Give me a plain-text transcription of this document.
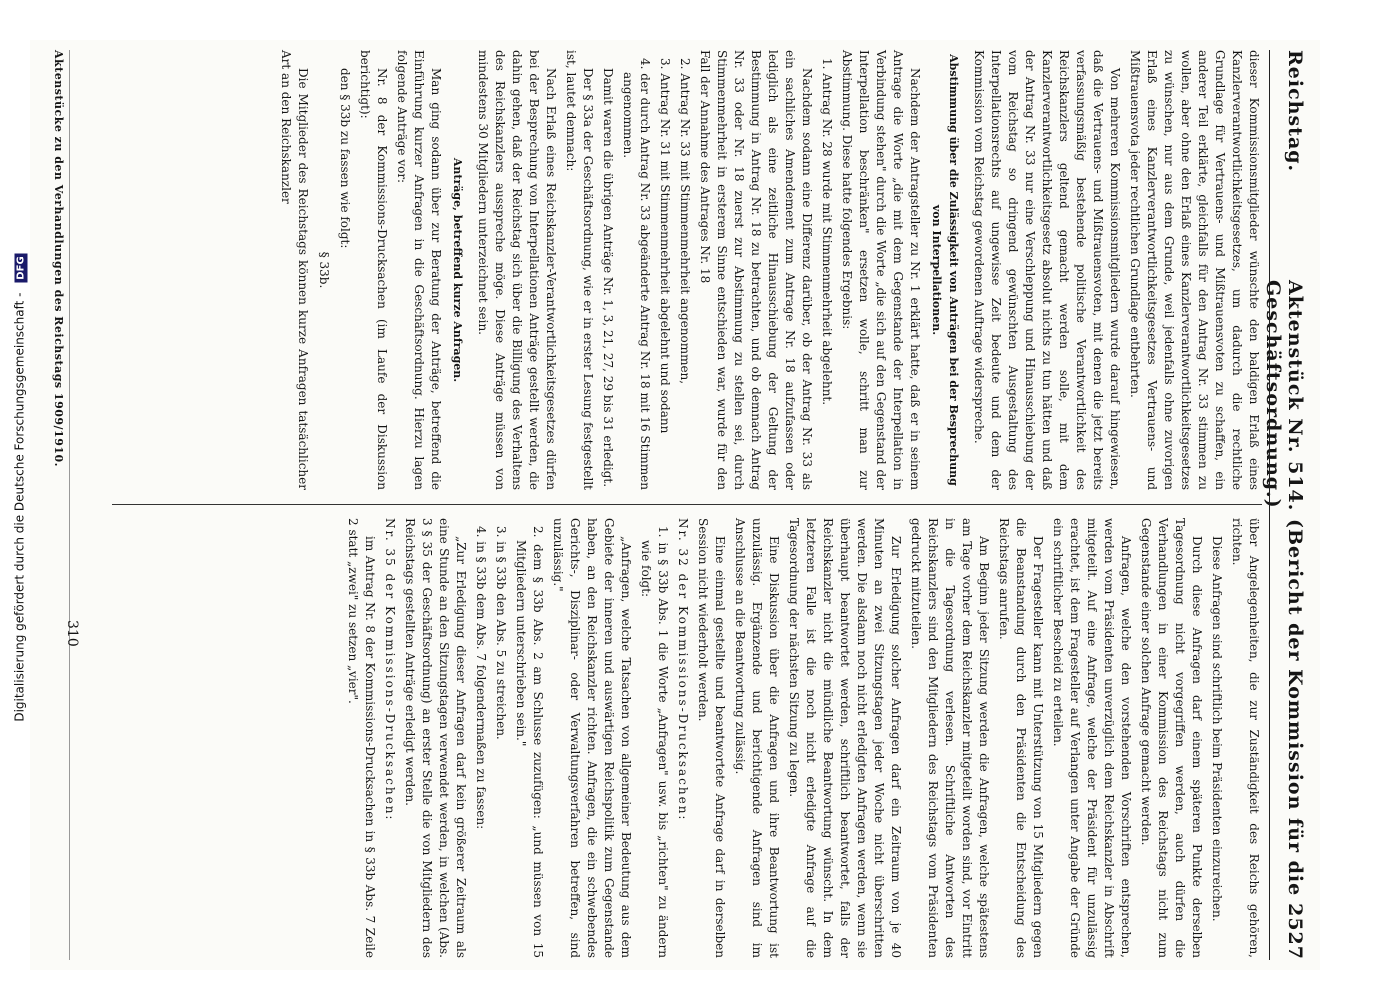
Reichstag.
Aktenstück Nr. 514. (Bericht der Kommission für die Geschäftsordnung.)
2527

dieser Kommissionsmitglieder wünschte den baldigen Erlaß eines Kanzlerverantwortlichkeitsgesetzes, um dadurch die rechtliche Grundlage für Vertrauens- und Mißtrauensvoten zu schaffen, ein anderer Teil erklärte, gleichfalls für den Antrag Nr. 33 stimmen zu wollen, aber ohne den Erlaß eines Kanzlerverantwortlichkeitsgesetzes zu wünschen, nur aus dem Grunde, weil jedenfalls ohne zuvorigen Erlaß eines Kanzlerverantwortlichkeitsgesetzes Vertrauens- und Mißtrauensvota jeder rechtlichen Grundlage entbehrten.

Von mehreren Kommissionsmitgliedern wurde darauf hingewiesen, daß die Vertrauens- und Mißtrauensvoten, mit denen die jetzt bereits verfassungsmäßig bestehende politische Verantwortlichkeit des Reichskanzlers geltend gemacht werden solle, mit dem Kanzlerverantwortlichkeitsgesetz absolut nichts zu tun hätten und daß der Antrag Nr. 33 nur eine Verschleppung und Hinausschiebung der vom Reichstag so dringend gewünschten Ausgestaltung des Interpellationsrechts auf ungewisse Zeit bedeute und dem der Kommission vom Reichstag gewordenen Auftrage widerspreche.

Abstimmung über die Zulässigkeit von Anträgen bei der Besprechung von Interpellationen.

Nachdem der Antragsteller zu Nr. 1 erklärt hatte, daß er in seinem Antrage die Worte „die mit dem Gegenstande der Interpellation in Verbindung stehen" durch die Worte „die sich auf den Gegenstand der Interpellation beschränken" ersetzen wolle, schritt man zur Abstimmung. Diese hatte folgendes Ergebnis:

1. Antrag Nr. 28 wurde mit Stimmenmehrheit abgelehnt.

Nachdem sodann eine Differenz darüber, ob der Antrag Nr. 33 als ein sachliches Amendement zum Antrage Nr. 18 aufzufassen oder lediglich als eine zeitliche Hinausschiebung der Geltung der Bestimmung in Antrag Nr. 18 zu betrachten, und ob demnach Antrag Nr. 33 oder Nr. 18 zuerst zur Abstimmung zu stellen sei, durch Stimmenmehrheit in ersterem Sinne entschieden war, wurde für den Fall der Annahme des Antrages Nr. 18

2. Antrag Nr. 33 mit Stimmenmehrheit angenommen,
3. Antrag Nr. 31 mit Stimmenmehrheit abgelehnt und sodann
4. der durch Antrag Nr. 33 abgeänderte Antrag Nr. 18 mit 16 Stimmen angenommen.

Damit waren die übrigen Anträge Nr. 1, 3, 21, 27, 29 bis 31 erledigt.

Der § 33a der Geschäftsordnung, wie er in erster Lesung festgestellt ist, lautet demnach:

Nach Erlaß eines Reichskanzler-Verantwortlichkeitsgesetzes dürfen bei der Besprechung von Interpellationen Anträge gestellt werden, die dahin gehen, daß der Reichstag sich über die Billigung des Verhaltens des Reichskanzlers ausspreche möge. Diese Anträge müssen von mindestens 30 Mitgliedern unterzeichnet sein.

Anträge, betreffend kurze Anfragen.

Man ging sodann über zur Beratung der Anträge, betreffend die Einführung kurzer Anfragen in die Geschäftsordnung. Hierzu lagen folgende Anträge vor:

Nr. 8 der Kommissions-Drucksachen (im Laufe der Diskussion berichtigt):

den § 33b zu fassen wie folgt:

§ 33b.

Die Mitglieder des Reichstags können kurze Anfragen tatsächlicher Art an den Reichskanzler

über Angelegenheiten, die zur Zuständigkeit des Reichs gehören, richten.

Diese Anfragen sind schriftlich beim Präsidenten einzureichen.

Durch diese Anfragen darf einem späteren Punkte derselben Tagesordnung nicht vorgegriffen werden, auch dürfen die Verhandlungen in einer Kommission des Reichstags nicht zum Gegenstande einer solchen Anfrage gemacht werden.

Anfragen, welche den vorstehenden Vorschriften entsprechen, werden vom Präsidenten unverzüglich dem Reichskanzler in Abschrift mitgeteilt. Auf eine Anfrage, welche der Präsident für unzulässig erachtet, ist dem Fragesteller auf Verlangen unter Angabe der Gründe ein schriftlicher Bescheid zu erteilen.

Der Fragesteller kann mit Unterstützung von 15 Mitgliedern gegen die Beanstandung durch den Präsidenten die Entscheidung des Reichstags anrufen.

Am Beginn jeder Sitzung werden die Anfragen, welche spätestens am Tage vorher dem Reichskanzler mitgeteilt worden sind, vor Eintritt in die Tagesordnung verlesen. Schriftliche Antworten des Reichskanzlers sind den Mitgliedern des Reichstags vom Präsidenten gedruckt mitzuteilen.

Zur Erledigung solcher Anfragen darf ein Zeitraum von je 40 Minuten an zwei Sitzungstagen jeder Woche nicht überschritten werden. Die alsdann noch nicht erledigten Anfragen werden, wenn sie überhaupt beantwortet werden, schriftlich beantwortet, falls der Reichskanzler nicht die mündliche Beantwortung wünscht. In dem letzteren Falle ist die noch nicht erledigte Anfrage auf die Tagesordnung der nächsten Sitzung zu legen.

Eine Diskussion über die Anfragen und ihre Beantwortung ist unzulässig. Ergänzende und berichtigende Anfragen sind im Anschlusse an die Beantwortung zulässig.

Eine einmal gestellte und beantwortete Anfrage darf in derselben Session nicht wiederholt werden.

Nr. 32 der Kommissions-Drucksachen:

1. in § 33b Abs. 1 die Worte „Anfragen" usw. bis „richten" zu ändern wie folgt:

„Anfragen, welche Tatsachen von allgemeiner Bedeutung aus dem Gebiete der inneren und auswärtigen Reichspolitik zum Gegenstande haben, an den Reichskanzler richten. Anfragen, die ein schwebendes Gerichts-, Disziplinar- oder Verwaltungsverfahren betreffen, sind unzulässig."

2. dem § 33b Abs. 2 am Schlusse zuzufügen: „und müssen von 15 Mitgliedern unterschrieben sein."
3. in § 33b den Abs. 5 zu streichen.
4. in § 33b dem Abs. 7 folgendermaßen zu fassen:

„Zur Erledigung dieser Anfragen darf kein größerer Zeitraum als eine Stunde an den Sitzungstagen verwendet werden, in welchen (Abs. 3 § 35 der Geschäftsordnung) an erster Stelle die von Mitgliedern des Reichstags gestellten Anträge erledigt werden.

Nr. 35 der Kommissions-Drucksachen:

im Antrag Nr. 8 der Kommissions-Drucksachen in § 33b Abs. 7 Zeile 2 statt „zwei" zu setzen „vier".

Aktenstücke zu den Verhandlungen des Reichstags 1909/1910.
310
Digitalisierung gefördert durch die Deutsche Forschungsgemeinschaft - DFG
